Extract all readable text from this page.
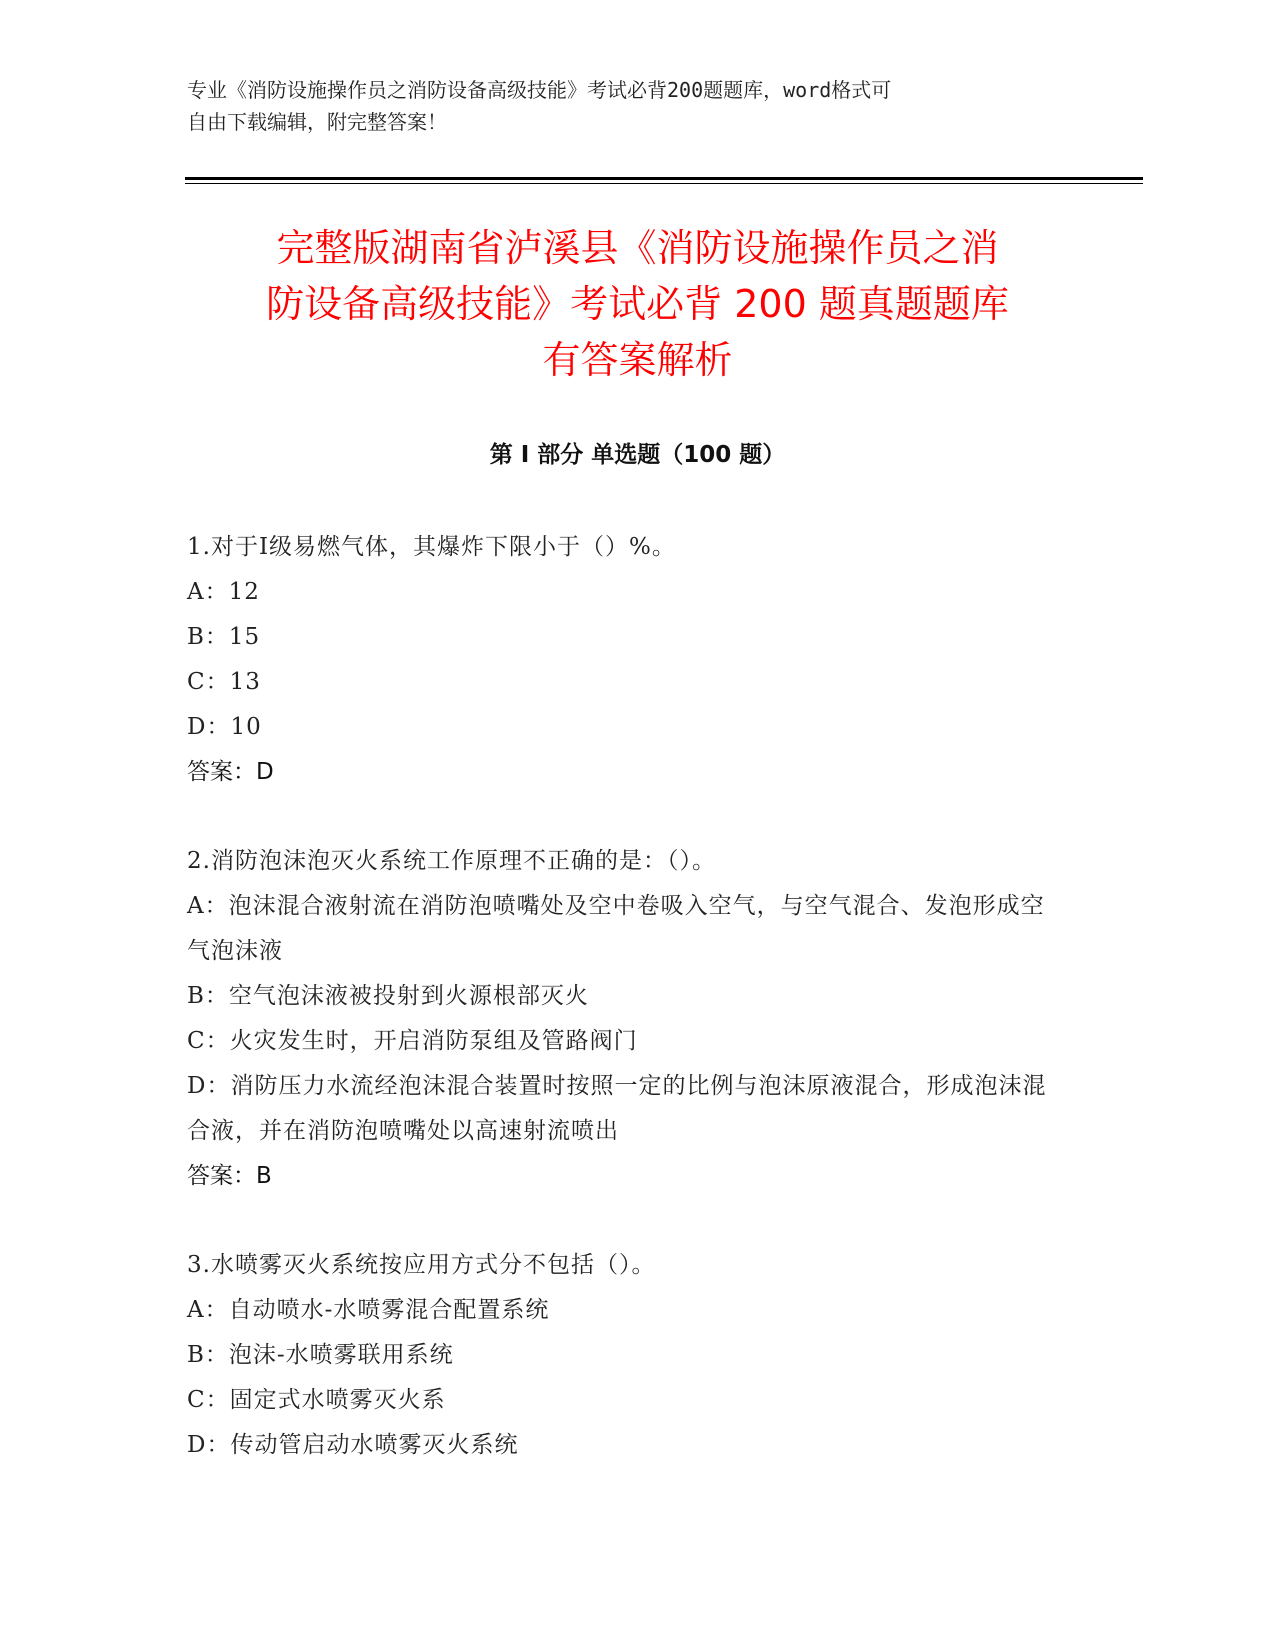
专业《消防设施操作员之消防设备高级技能》考试必背200题题库，word格式可
自由下载编辑，附完整答案！
完整版湖南省泸溪县《消防设施操作员之消
防设备高级技能》考试必背 200 题真题题库
有答案解析
第 I 部分 单选题（100 题）
1.对于Ⅰ级易燃气体，其爆炸下限小于（）%。
A：12
B：15
C：13
D：10
答案：D
2.消防泡沫泡灭火系统工作原理不正确的是：（）。
A：泡沫混合液射流在消防泡喷嘴处及空中卷吸入空气，与空气混合、发泡形成空气泡沫液
B：空气泡沫液被投射到火源根部灭火
C：火灾发生时，开启消防泵组及管路阀门
D：消防压力水流经泡沫混合装置时按照一定的比例与泡沫原液混合，形成泡沫混合液，并在消防泡喷嘴处以高速射流喷出
答案：B
3.水喷雾灭火系统按应用方式分不包括（）。
A：自动喷水-水喷雾混合配置系统
B：泡沫-水喷雾联用系统
C：固定式水喷雾灭火系
D：传动管启动水喷雾灭火系统
